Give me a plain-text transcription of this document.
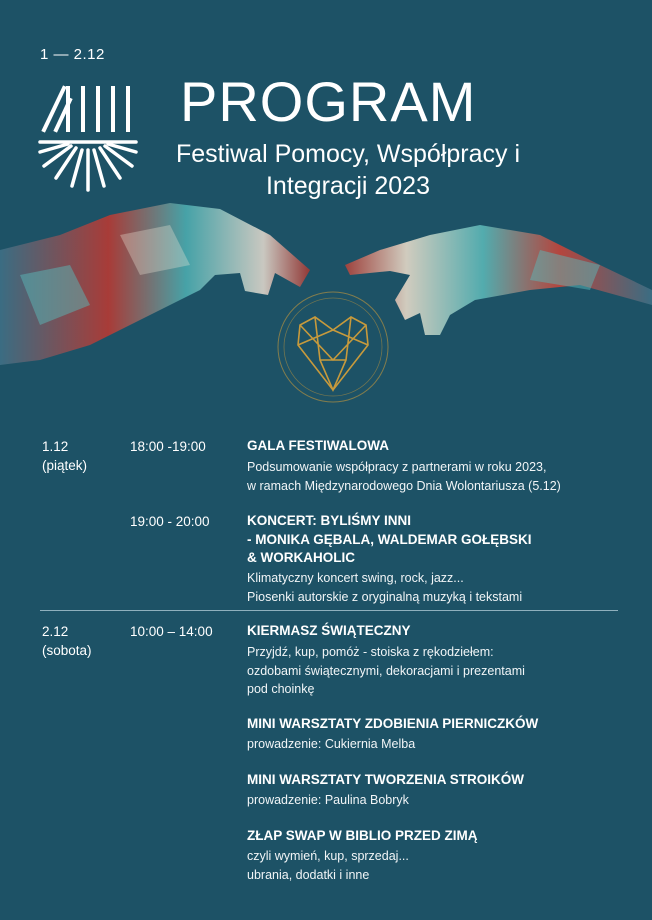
1 — 2.12
PROGRAM
Festiwal Pomocy, Współpracy i Integracji 2023
1.12
(piątek)
18:00 -19:00	GALA FESTIWALOWA
Podsumowanie współpracy z partnerami w roku 2023,
w ramach Międzynarodowego Dnia Wolontariusza (5.12)
19:00 - 20:00	KONCERT: BYLIŚMY INNI
- MONIKA GĘBALA, WALDEMAR GOŁĘBSKI
& WORKAHOLIC
Klimatyczny koncert swing, rock, jazz...
Piosenki autorskie z oryginalną muzyką i tekstami
2.12
(sobota)
10:00 – 14:00	KIERMASZ ŚWIĄTECZNY
Przyjdź, kup, pomóż - stoiska z rękodziełem:
ozdobami świątecznymi, dekoracjami i prezentami
pod choinkę
MINI WARSZTATY ZDOBIENIA PIERNICZKÓW
prowadzenie: Cukiernia Melba
MINI WARSZTATY TWORZENIA STROIKÓW
prowadzenie: Paulina Bobryk
ZŁAP SWAP W BIBLIO PRZED ZIMĄ
czyli wymień, kup, sprzedaj...
ubrania, dodatki i inne
